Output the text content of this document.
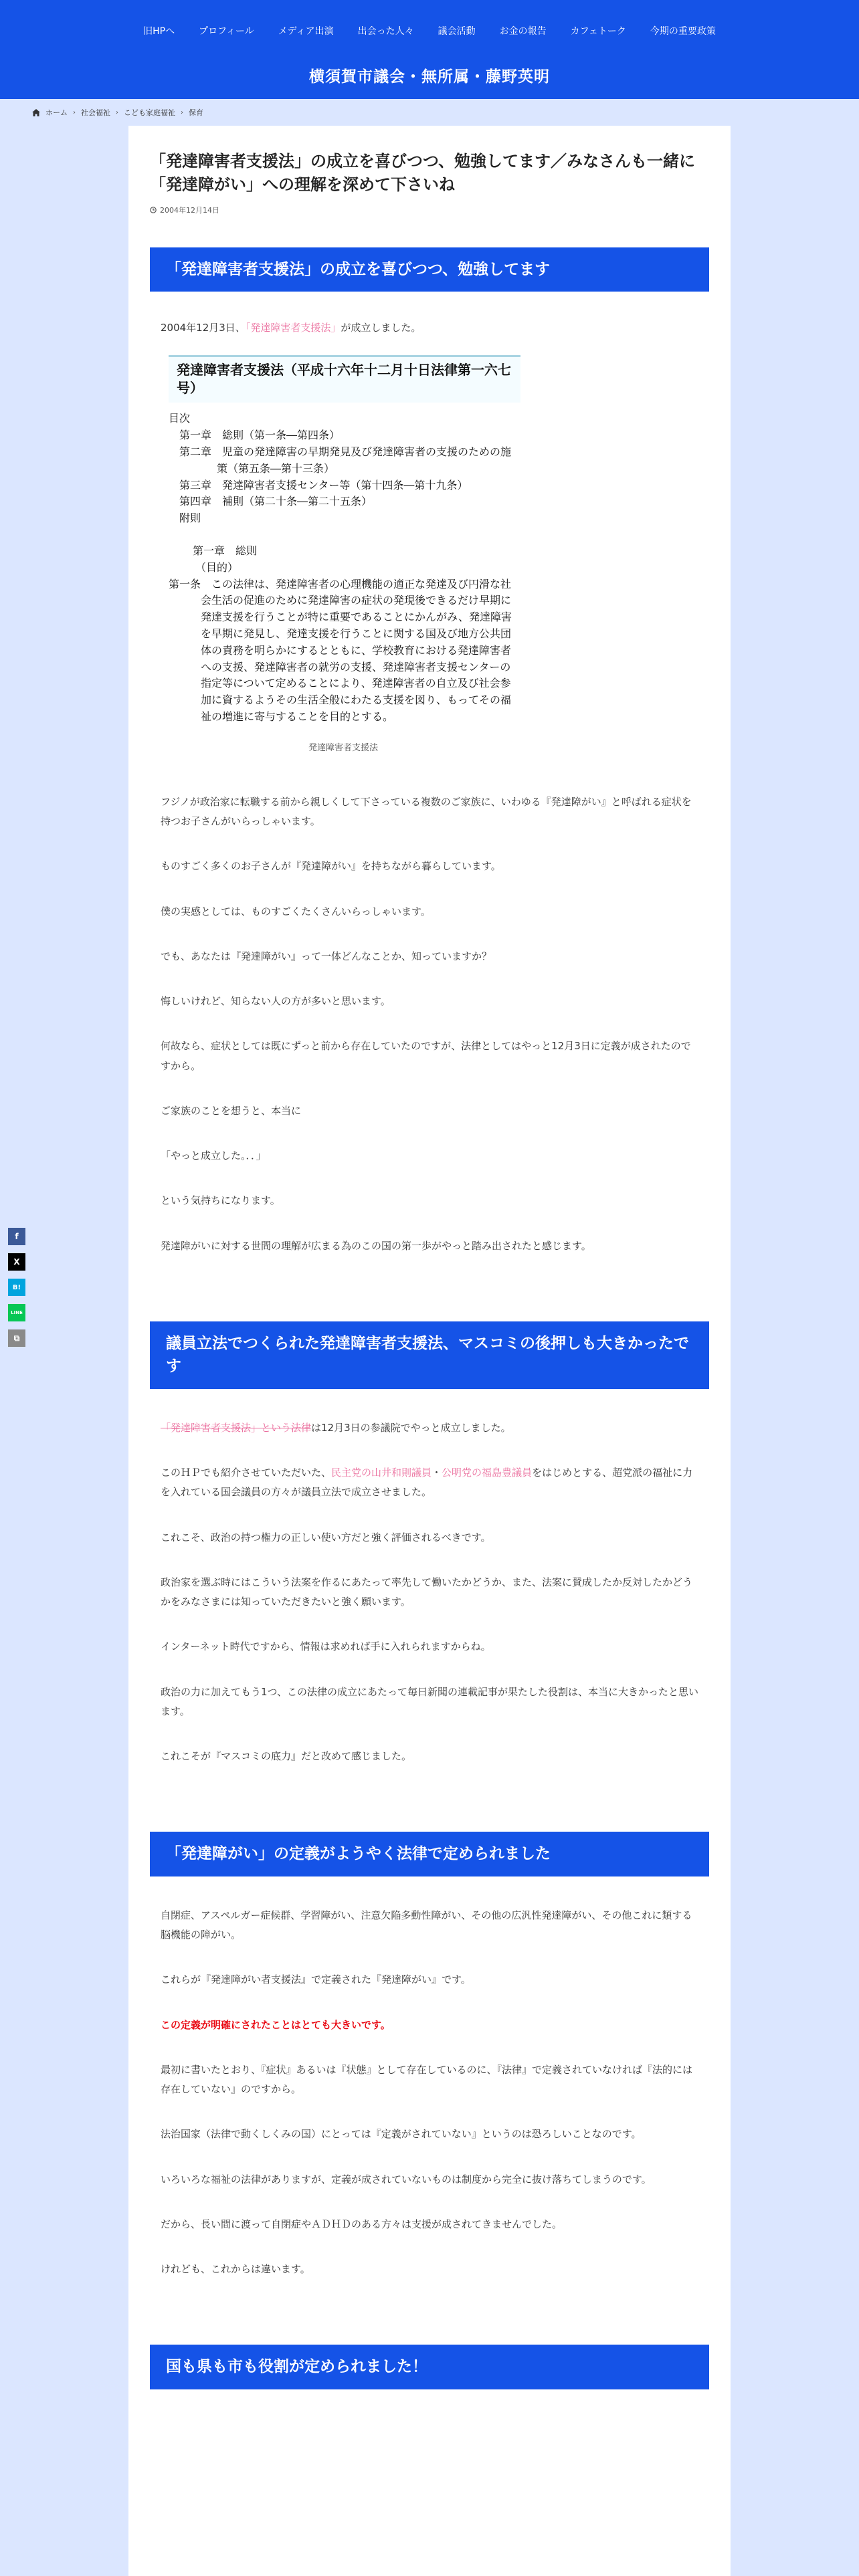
旧HPへ	プロフィール	メディア出演	出会った人々	議会活動	お金の報告	カフェトーク	今期の重要政策
横須賀市議会・無所属・藤野英明
ホーム › 社会福祉 › こども家庭福祉 › 保育
「発達障害者支援法」の成立を喜びつつ、勉強してます／みなさんも一緒に「発達障がい」への理解を深めて下さいね
2004年12月14日
「発達障害者支援法」の成立を喜びつつ、勉強してます

2004年12月3日、「発達障害者支援法」が成立しました。

発達障害者支援法（平成十六年十二月十日法律第一六七号）
目次
第一章　総則（第一条―第四条）
第二章　児童の発達障害の早期発見及び発達障害者の支援のための施策（第五条―第十三条）
第三章　発達障害者支援センター等（第十四条―第十九条）
第四章　補則（第二十条―第二十五条）
附則
第一章　総則
（目的）
第一条　この法律は、発達障害者の心理機能の適正な発達及び円滑な社会生活の促進のために発達障害の症状の発現後できるだけ早期に発達支援を行うことが特に重要であることにかんがみ、発達障害を早期に発見し、発達支援を行うことに関する国及び地方公共団体の責務を明らかにするとともに、学校教育における発達障害者への支援、発達障害者の就労の支援、発達障害者支援センターの指定等について定めることにより、発達障害者の自立及び社会参加に資するようその生活全般にわたる支援を図り、もってその福祉の増進に寄与することを目的とする。
発達障害者支援法

フジノが政治家に転職する前から親しくして下さっている複数のご家族に、いわゆる『発達障がい』と呼ばれる症状を持つお子さんがいらっしゃいます。

ものすごく多くのお子さんが『発達障がい』を持ちながら暮らしています。

僕の実感としては、ものすごくたくさんいらっしゃいます。

でも、あなたは『発達障がい』って一体どんなことか、知っていますか？

悔しいけれど、知らない人の方が多いと思います。

何故なら、症状としては既にずっと前から存在していたのですが、法律としてはやっと12月3日に定義が成されたのですから。

ご家族のことを想うと、本当に

「やっと成立した。．．」

という気持ちになります。

発達障がいに対する世間の理解が広まる為のこの国の第一歩がやっと踏み出されたと感じます。

議員立法でつくられた発達障害者支援法、マスコミの後押しも大きかったです

「発達障害者支援法」という法律は12月3日の参議院でやっと成立しました。

このＨＰでも紹介させていただいた、民主党の山井和則議員・公明党の福島豊議員をはじめとする、超党派の福祉に力を入れている国会議員の方々が議員立法で成立させました。

これこそ、政治の持つ権力の正しい使い方だと強く評価されるべきです。

政治家を選ぶ時にはこういう法案を作るにあたって率先して働いたかどうか、また、法案に賛成したか反対したかどうかをみなさまには知っていただきたいと強く願います。

インターネット時代ですから、情報は求めれば手に入れられますからね。

政治の力に加えてもう1つ、この法律の成立にあたって毎日新聞の連載記事が果たした役割は、本当に大きかったと思います。

これこそが『マスコミの底力』だと改めて感じました。

「発達障がい」の定義がようやく法律で定められました

自閉症、アスペルガー症候群、学習障がい、注意欠陥多動性障がい、その他の広汎性発達障がい、その他これに類する脳機能の障がい。

これらが『発達障がい者支援法』で定義された『発達障がい』です。

この定義が明確にされたことはとても大きいです。

最初に書いたとおり、『症状』あるいは『状態』として存在しているのに、『法律』で定義されていなければ『法的には存在していない』のですから。

法治国家（法律で動くしくみの国）にとっては『定義がされていない』というのは恐ろしいことなのです。

いろいろな福祉の法律がありますが、定義が成されていないものは制度から完全に抜け落ちてしまうのです。

だから、長い間に渡って自閉症やＡＤＨＤのある方々は支援が成されてきませんでした。

けれども、これからは違います。

国も県も市も役割が定められました！
f
X
B!
LINE
⧉
